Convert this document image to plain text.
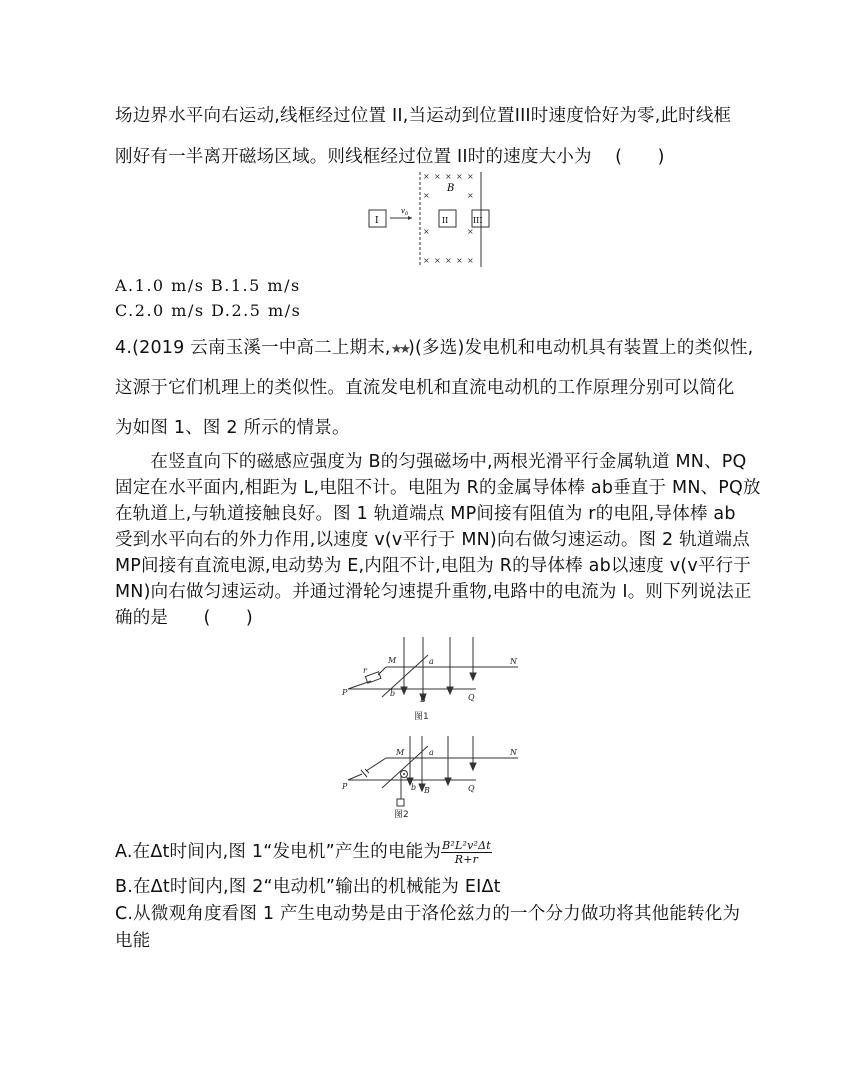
场边界水平向右运动,线框经过位置 II,当运动到位置III时速度恰好为零,此时线框
刚好有一半离开磁场区域。则线框经过位置 II时的速度大小为　 (　　)
× × × × ×
×	×
×	×
× × × × ×
B
I
$v_0$
II	III
A.1.0 m/s B.1.5 m/s
C.2.0 m/s D.2.5 m/s
4.(2019 云南玉溪一中高二上期末,★★)(多选)发电机和电动机具有装置上的类似性,
这源于它们机理上的类似性。直流发电机和直流电动机的工作原理分别可以简化
为如图 1、图 2 所示的情景。
　　在竖直向下的磁感应强度为 B的匀强磁场中,两根光滑平行金属轨道 MN、PQ
固定在水平面内,相距为 L,电阻不计。电阻为 R的金属导体棒 ab垂直于 MN、PQ放
在轨道上,与轨道接触良好。图 1 轨道端点 MP间接有阻值为 r的电阻,导体棒 ab
受到水平向右的外力作用,以速度 v(v平行于 MN)向右做匀速运动。图 2 轨道端点
MP间接有直流电源,电动势为 E,内阻不计,电阻为 R的导体棒 ab以速度 v(v平行于
MN)向右做匀速运动。并通过滑轮匀速提升重物,电路中的电流为 I。则下列说法正
确的是　　(　　)
M	a	N
r
P	b
B	Q
图1
M	a	N
P	b B	Q
图2
A.在Δt时间内,图 1“发电机”产生的电能为 $\frac{\text{B²L²v²Δt}}{R+r}$
B.在Δt时间内,图 2“电动机”输出的机械能为 EIΔt
C.从微观角度看图 1 产生电动势是由于洛伦兹力的一个分力做功将其他能转化为
电能
